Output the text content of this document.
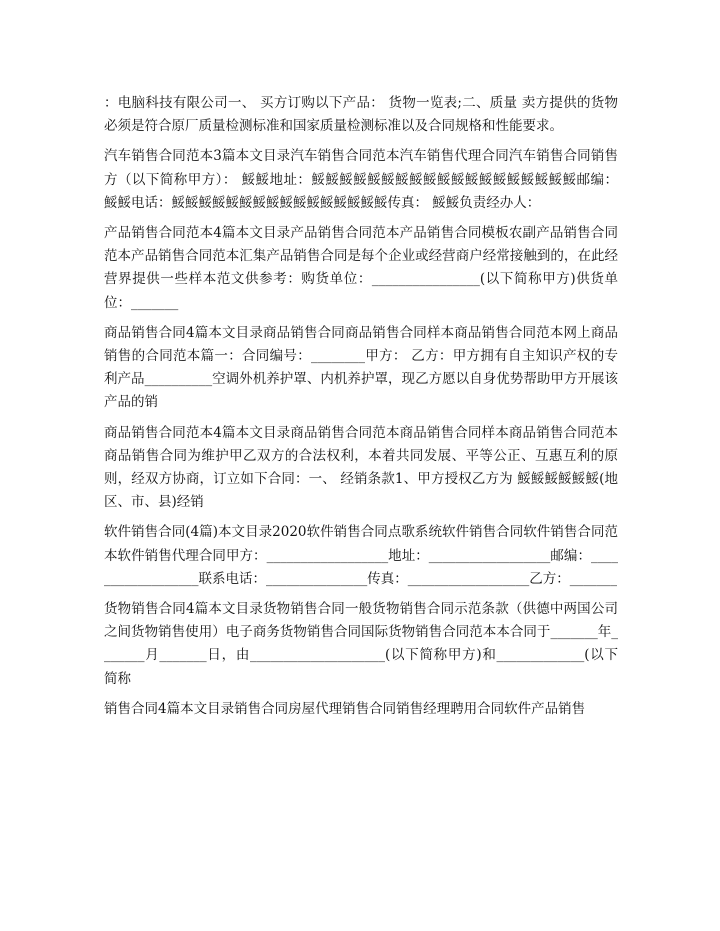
：电脑科技有限公司一、 买方订购以下产品： 货物一览表;二、质量 卖方提供的货物必须是符合原厂质量检测标准和国家质量检测标准以及合同规格和性能要求。

汽车销售合同范本3篇本文目录汽车销售合同范本汽车销售代理合同汽车销售合同销售方（以下简称甲方）： 鮾鮾地址：鮾鮾鮾鮾鮾鮾鮾鮾鮾鮾鮾鮾鮾鮾鮾鮾鮾鮾鮾邮编： 鮾鮾电话：鮾鮾鮾鮾鮾鮾鮾鮾鮾鮾鮾鮾鮾鮾鮾鮾传真： 鮾鮾负责经办人：

产品销售合同范本4篇本文目录产品销售合同范本产品销售合同模板农副产品销售合同范本产品销售合同范本汇集产品销售合同是每个企业或经营商户经常接触到的，在此经营界提供一些样本范文供参考：购货单位：________________(以下简称甲方)供货单位：_______

商品销售合同4篇本文目录商品销售合同商品销售合同样本商品销售合同范本网上商品销售的合同范本篇一：合同编号：________甲方： 乙方：甲方拥有自主知识产权的专利产品__________空调外机养护罩、内机养护罩，现乙方愿以自身优势帮助甲方开展该产品的销

商品销售合同范本4篇本文目录商品销售合同范本商品销售合同样本商品销售合同范本商品销售合同为维护甲乙双方的合法权利，本着共同发展、平等公正、互惠互利的原则，经双方协商，订立如下合同：一、 经销条款1、甲方授权乙方为 鮾鮾鮾鮾鮾鮾(地区、市、县)经销

软件销售合同(4篇)本文目录2020软件销售合同点歌系统软件销售合同软件销售合同范本软件销售代理合同甲方：__________________地址：__________________邮编：__________________联系电话：_______________传真：__________________乙方：_______

货物销售合同4篇本文目录货物销售合同一般货物销售合同示范条款（供德中两国公司之间货物销售使用）电子商务货物销售合同国际货物销售合同范本本合同于_______年_______月_______日，由____________________(以下简称甲方)和_____________(以下简称

销售合同4篇本文目录销售合同房屋代理销售合同销售经理聘用合同软件产品销售
